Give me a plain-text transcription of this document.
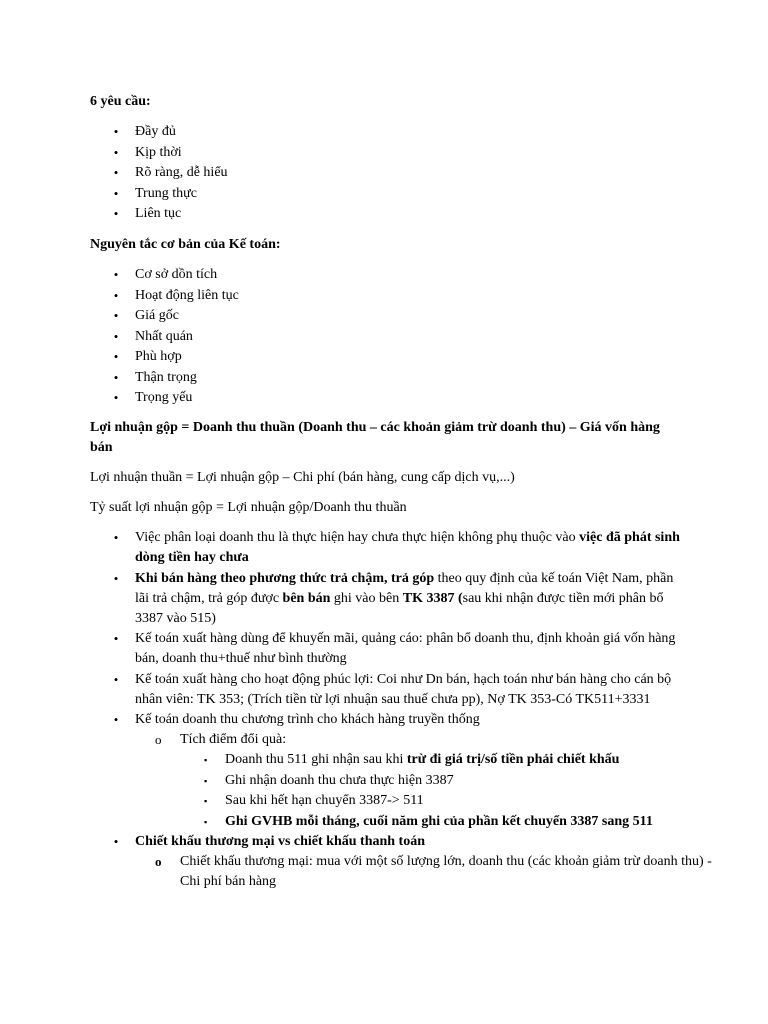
6 yêu cầu:

• Đầy đủ
• Kịp thời
• Rõ ràng, dễ hiểu
• Trung thực
• Liên tục

Nguyên tắc cơ bản của Kế toán:

• Cơ sở dồn tích
• Hoạt động liên tục
• Giá gốc
• Nhất quán
• Phù hợp
• Thận trọng
• Trọng yếu

Lợi nhuận gộp = Doanh thu thuần (Doanh thu – các khoản giảm trừ doanh thu) – Giá vốn hàng bán

Lợi nhuận thuần = Lợi nhuận gộp – Chi phí (bán hàng, cung cấp dịch vụ,...)

Tỷ suất lợi nhuận gộp = Lợi nhuận gộp/Doanh thu thuần

• Việc phân loại doanh thu là thực hiện hay chưa thực hiện không phụ thuộc vào việc đã phát sinh dòng tiền hay chưa
• Khi bán hàng theo phương thức trả chậm, trả góp theo quy định của kế toán Việt Nam, phần lãi trả chậm, trả góp được bên bán ghi vào bên TK 3387 (sau khi nhận được tiền mới phân bổ 3387 vào 515)
• Kế toán xuất hàng dùng để khuyến mãi, quảng cáo: phân bổ doanh thu, định khoản giá vốn hàng bán, doanh thu+thuế như bình thường
• Kế toán xuất hàng cho hoạt động phúc lợi: Coi như Dn bán, hạch toán như bán hàng cho cán bộ nhân viên: TK 353; (Trích tiền từ lợi nhuận sau thuế chưa pp), Nợ TK 353-Có TK511+3331
• Kế toán doanh thu chương trình cho khách hàng truyền thống
o Tích điểm đổi quà:
▪ Doanh thu 511 ghi nhận sau khi trừ đi giá trị/số tiền phải chiết khấu
▪ Ghi nhận doanh thu chưa thực hiện 3387
▪ Sau khi hết hạn chuyển 3387-> 511
▪ Ghi GVHB mỗi tháng, cuối năm ghi của phần kết chuyển 3387 sang 511
• Chiết khấu thương mại vs chiết khấu thanh toán
o Chiết khấu thương mại: mua với một số lượng lớn, doanh thu (các khoản giảm trừ doanh thu) - Chi phí bán hàng
